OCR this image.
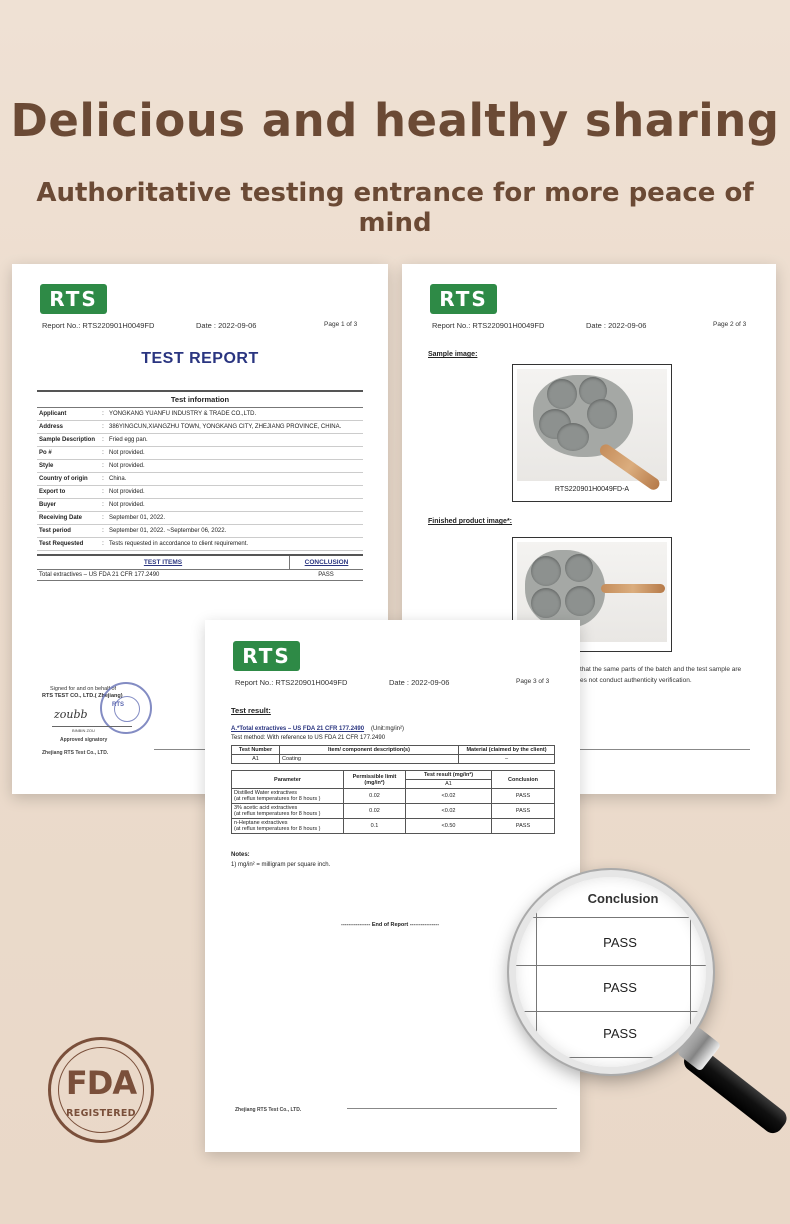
Delicious and healthy sharing
Authoritative testing entrance for more peace of mind
RTS
Report No.: RTS220901H0049FD	Date : 2022-09-06	Page 1 of 3
TEST REPORT
Test information
Applicant	: YONGKANG YUANFU INDUSTRY & TRADE CO.,LTD.
Address	: 386YINGCUN,XIANGZHU TOWN, YONGKANG CITY, ZHEJIANG PROVINCE, CHINA.
Sample Description	: Fried egg pan.
Po #	: Not provided.
Style	: Not provided.
Country of origin	: China.
Export to	: Not provided.
Buyer	: Not provided.
Receiving Date	: September 01, 2022.
Test period	: September 01, 2022. ~September 06, 2022.
Test Requested	: Tests requested in accordance to client requirement.
TEST ITEMS	CONCLUSION
Total extractives – US FDA 21 CFR 177.2490	PASS
Signed for and on behalf of
RTS TEST CO., LTD.( Zhejiang)
zoubb
RTS
BINBIN ZOU
Approved signatory
Zhejiang RTS Test Co., LTD.
RTS
Report No.: RTS220901H0049FD	Date : 2022-09-06	Page 2 of 3
Sample image:
RTS220901H0049FD-A
Finished product image*:
that the same parts of the batch and the test sample are
es not conduct authenticity verification.
RTS
Report No.: RTS220901H0049FD	Date : 2022-09-06	Page 3 of 3
Test result:
A.*Total extractives – US FDA 21 CFR 177.2490 (Unit:mg/in²)
Test method: With reference to US FDA 21 CFR 177.2490
Test Number	Item/ component description(s)	Material (claimed by the client)
A1	Coating	–
Parameter	Permissible limit (mg/in²)	Test result (mg/in²)	Conclusion
		A1	

Distilled Water extractives
(at reflux temperatures for 8 hours )	0.02	<0.02	PASS

3% acetic acid extractives
(at reflux temperatures for 8 hours )	0.02	<0.02	PASS

n-Heptane extractives
(at reflux temperatures for 8 hours )	0.1	<0.50	PASS
Notes:
1) mg/in² = milligram per square inch.
---------------- End of Report ----------------
Zhejiang RTS Test Co., LTD.
FDA
REGISTERED
Conclusion
PASS
PASS
PASS
